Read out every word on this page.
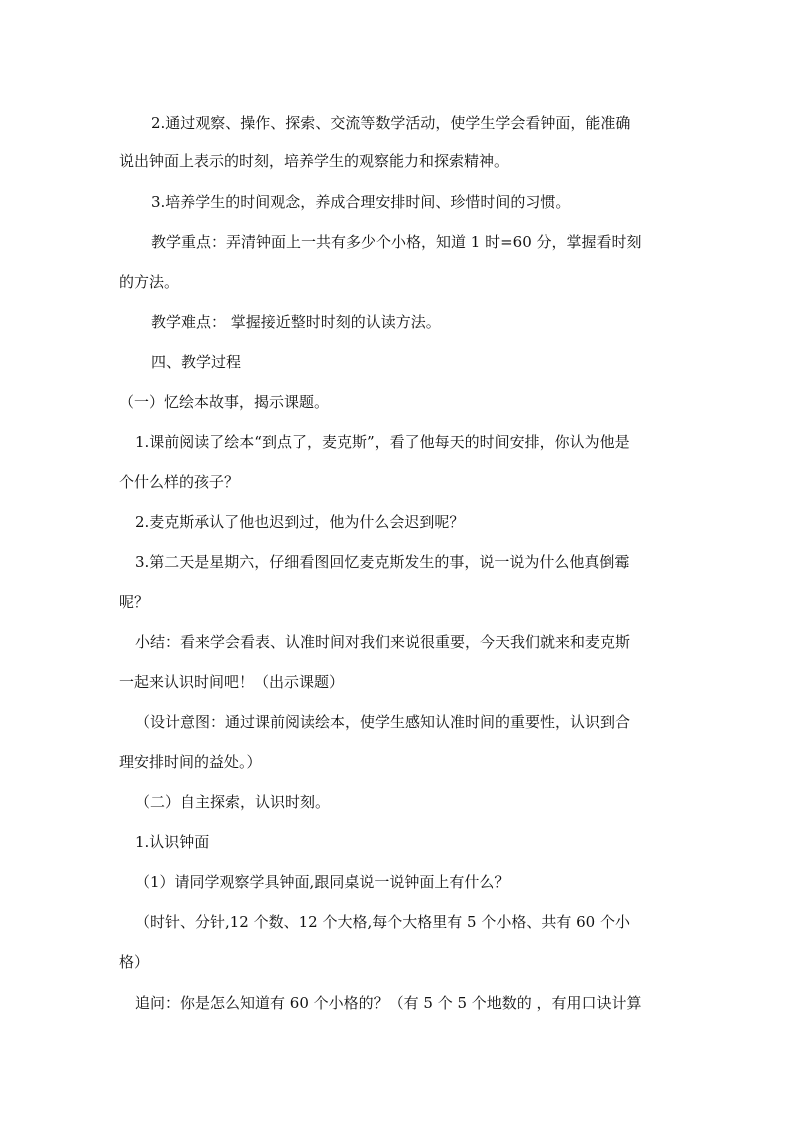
2.通过观察、操作、探索、交流等数学活动，使学生学会看钟面，能准确
说出钟面上表示的时刻，培养学生的观察能力和探索精神。
3.培养学生的时间观念，养成合理安排时间、珍惜时间的习惯。
教学重点：弄清钟面上一共有多少个小格，知道 1 时=60 分，掌握看时刻
的方法。
教学难点： 掌握接近整时时刻的认读方法。
四、教学过程
（一）忆绘本故事，揭示课题。
1.课前阅读了绘本“到点了，麦克斯”，看了他每天的时间安排，你认为他是
个什么样的孩子？
2.麦克斯承认了他也迟到过，他为什么会迟到呢？
3.第二天是星期六，仔细看图回忆麦克斯发生的事，说一说为什么他真倒霉
呢？
小结：看来学会看表、认准时间对我们来说很重要，今天我们就来和麦克斯
一起来认识时间吧！（出示课题）
（设计意图：通过课前阅读绘本，使学生感知认准时间的重要性，认识到合
理安排时间的益处。）
（二）自主探索，认识时刻。
1.认识钟面
（1）请同学观察学具钟面,跟同桌说一说钟面上有什么？
（时针、分针,12 个数、12 个大格,每个大格里有 5 个小格、共有 60 个小
格）
追问：你是怎么知道有 60 个小格的？（有 5 个 5 个地数的 ，有用口诀计算
